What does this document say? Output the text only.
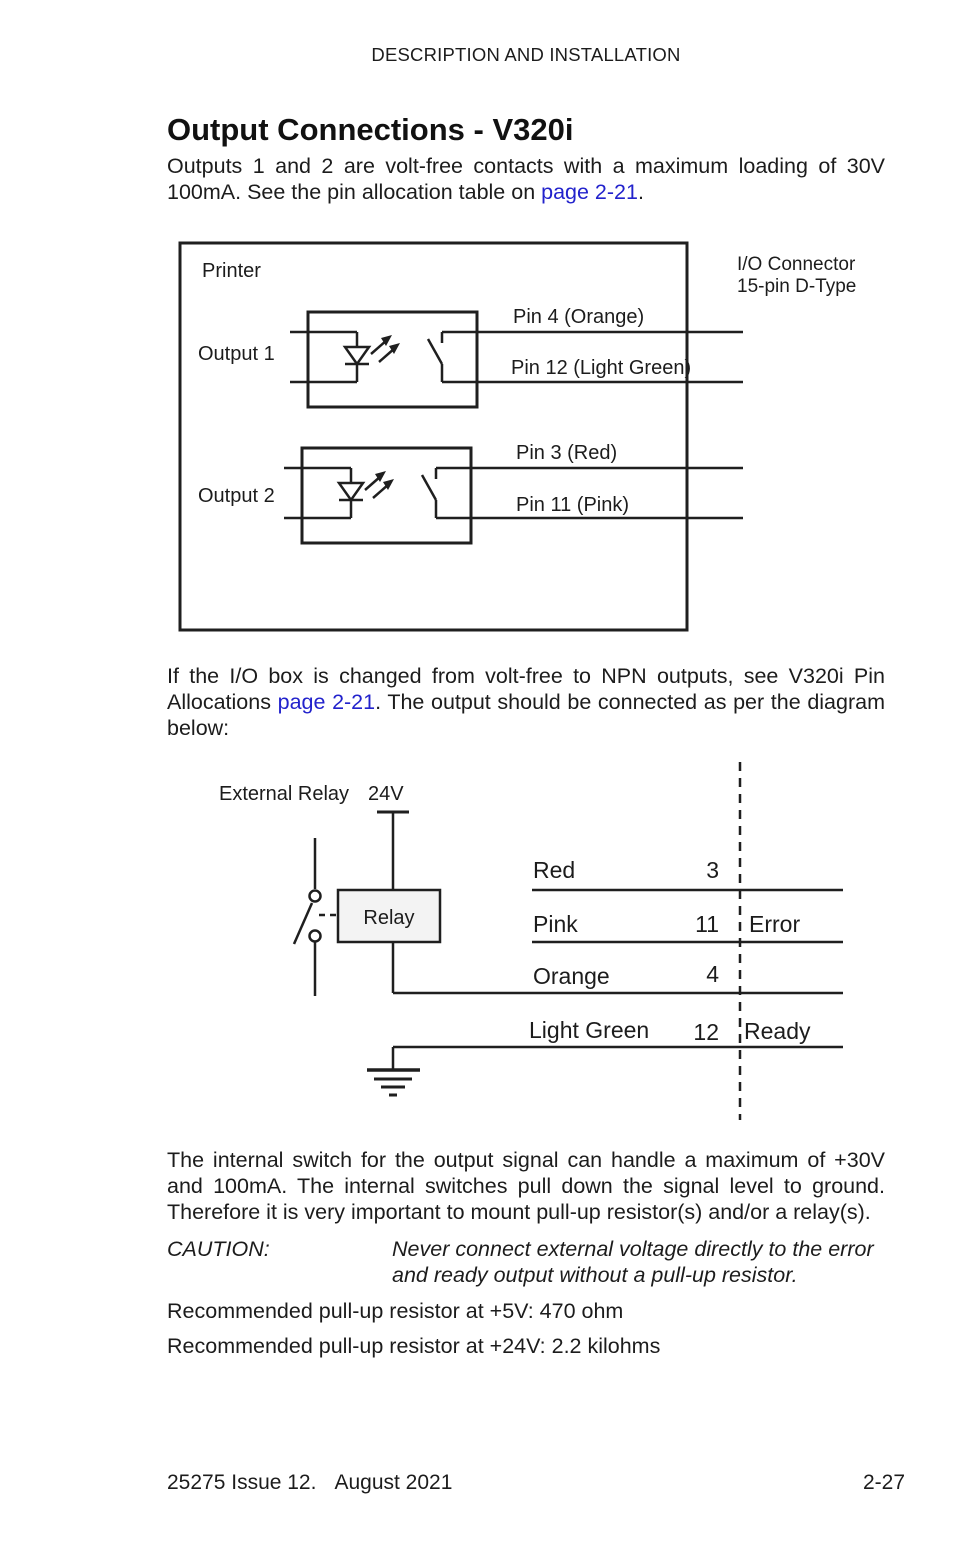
DESCRIPTION AND INSTALLATION
Output Connections - V320i
Outputs 1 and 2 are volt-free contacts with a maximum loading of 30V
100mA. See the pin allocation table on page 2-21.
Printer	I/O Connector
15-pin D-Type
Output 1
Pin 4 (Orange)
Pin 12 (Light Green)
Output 2
Pin 3 (Red)
Pin 11 (Pink)
If the I/O box is changed from volt-free to NPN outputs, see V320i Pin
Allocations page 2-21. The output should be connected as per the diagram
below:
External Relay 24V
Relay
Red	3
Pink	11 Error
Orange	4
Light Green 12 Ready
The internal switch for the output signal can handle a maximum of +30V
and 100mA. The internal switches pull down the signal level to ground.
Therefore it is very important to mount pull-up resistor(s) and/or a relay(s).
CAUTION:	Never connect external voltage directly to the error
and ready output without a pull-up resistor.
Recommended pull-up resistor at +5V: 470 ohm
Recommended pull-up resistor at +24V: 2.2 kilohms
25275 Issue 12. August 2021	2-27
